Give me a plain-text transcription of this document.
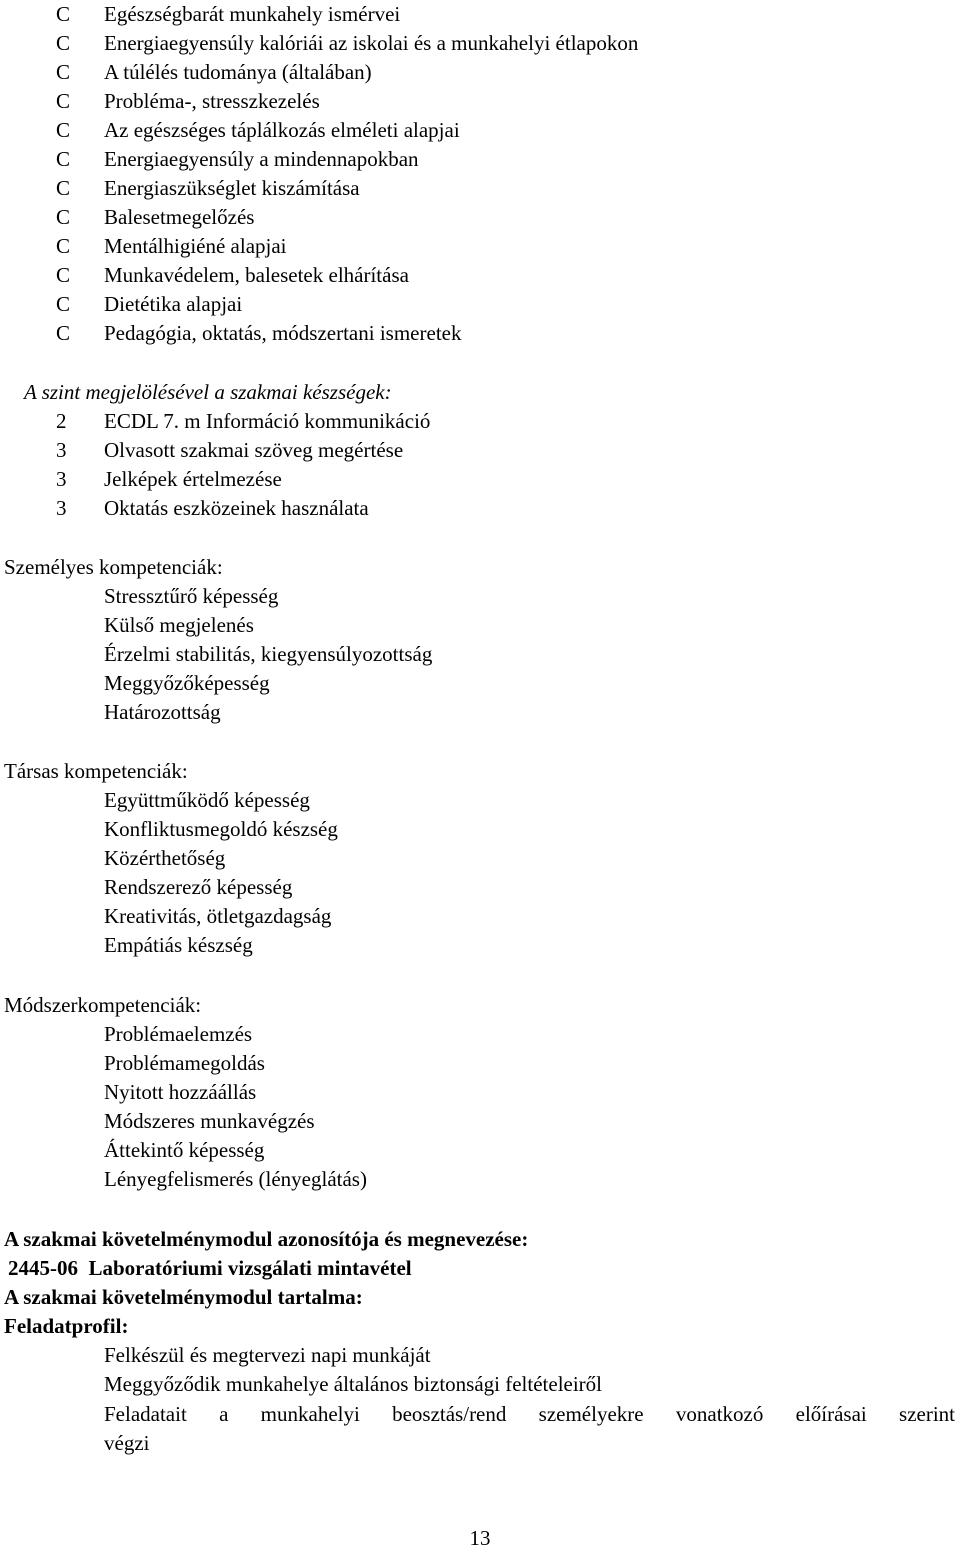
C Egészségbarát munkahely ismérvei
C Energiaegyensúly kalóriái az iskolai és a munkahelyi étlapokon
C A túlélés tudománya (általában)
C Probléma-, stresszkezelés
C Az egészséges táplálkozás elméleti alapjai
C Energiaegyensúly a mindennapokban
C Energiaszükséglet kiszámítása
C Balesetmegelőzés
C Mentálhigiéné alapjai
C Munkavédelem, balesetek elhárítása
C Dietétika alapjai
C Pedagógia, oktatás, módszertani ismeretek
A szint megjelölésével a szakmai készségek:
2 ECDL 7. m Információ kommunikáció
3 Olvasott szakmai szöveg megértése
3 Jelképek értelmezése
3 Oktatás eszközeinek használata
Személyes kompetenciák:
Stressztűrő képesség
Külső megjelenés
Érzelmi stabilitás, kiegyensúlyozottság
Meggyőzőképesség
Határozottság
Társas kompetenciák:
Együttműködő képesség
Konfliktusmegoldó készség
Közérthetőség
Rendszerező képesség
Kreativitás, ötletgazdagság
Empátiás készség
Módszerkompetenciák:
Problémaelemzés
Problémamegoldás
Nyitott hozzáállás
Módszeres munkavégzés
Áttekintő képesség
Lényegfelismerés (lényeglátás)
A szakmai követelménymodul azonosítója és megnevezése:
2445-06  Laboratóriumi vizsgálati mintavétel
A szakmai követelménymodul tartalma:
Feladatprofil:
Felkészül és megtervezi napi munkáját
Meggyőződik munkahelye általános biztonsági feltételeiről
Feladatait a munkahelyi beosztás/rend személyekre vonatkozó előírásai szerint
végzi
13
